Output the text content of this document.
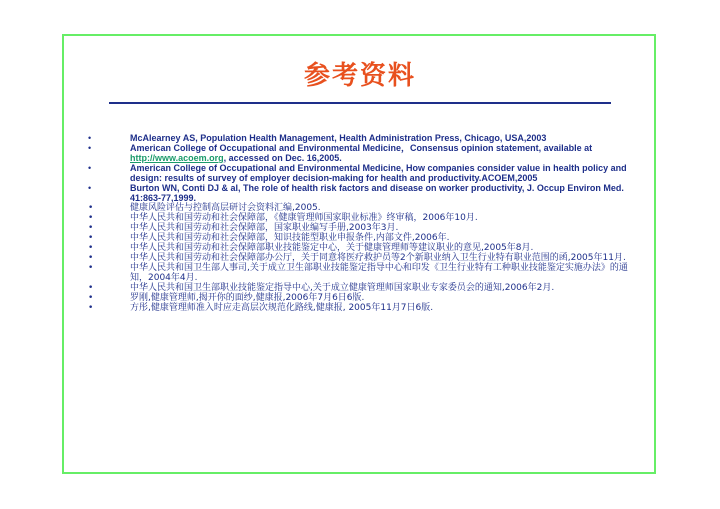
参考资料
•	McAlearney AS, Population Health Management, Health Administration Press, Chicago, USA,2003
•	American College of Occupational and Environmental Medicine，Consensus opinion statement, available at http://www.acoem.org, accessed on Dec. 16,2005.
•	American College of Occupational and Environmental Medicine, How companies consider value in health policy and design: results of survey of employer decision-making for health and productivity.ACOEM,2005
•	Burton WN, Conti DJ & al, The role of health risk factors and disease on worker productivity, J. Occup Environ Med. 41:863-77,1999.
•	健康风险评估与控制高层研讨会资料汇编,2005.
•	中华人民共和国劳动和社会保障部，《健康管理师国家职业标准》终审稿，2006年10月.
•	中华人民共和国劳动和社会保障部，国家职业编写手册,2003年3月.
•	中华人民共和国劳动和社会保障部，知识技能型职业申报条件,内部文件,2006年.
•	中华人民共和国劳动和社会保障部职业技能鉴定中心，关于健康管理师等建议职业的意见,2005年8月.
•	中华人民共和国劳动和社会保障部办公厅，关于同意将医疗救护员等2个新职业纳入卫生行业特有职业范围的函,2005年11月.
•	中华人民共和国卫生部人事司,关于成立卫生部职业技能鉴定指导中心和印发《卫生行业特有工种职业技能鉴定实施办法》的通知，2004年4月.
•	中华人民共和国卫生部职业技能鉴定指导中心,关于成立健康管理师国家职业专家委员会的通知,2006年2月.
•	罗刚,健康管理师,揭开你的面纱,健康报,2006年7月6日6版.
•	方彤,健康管理师准入时应走高层次规范化路线,健康报, 2005年11月7日6版.
